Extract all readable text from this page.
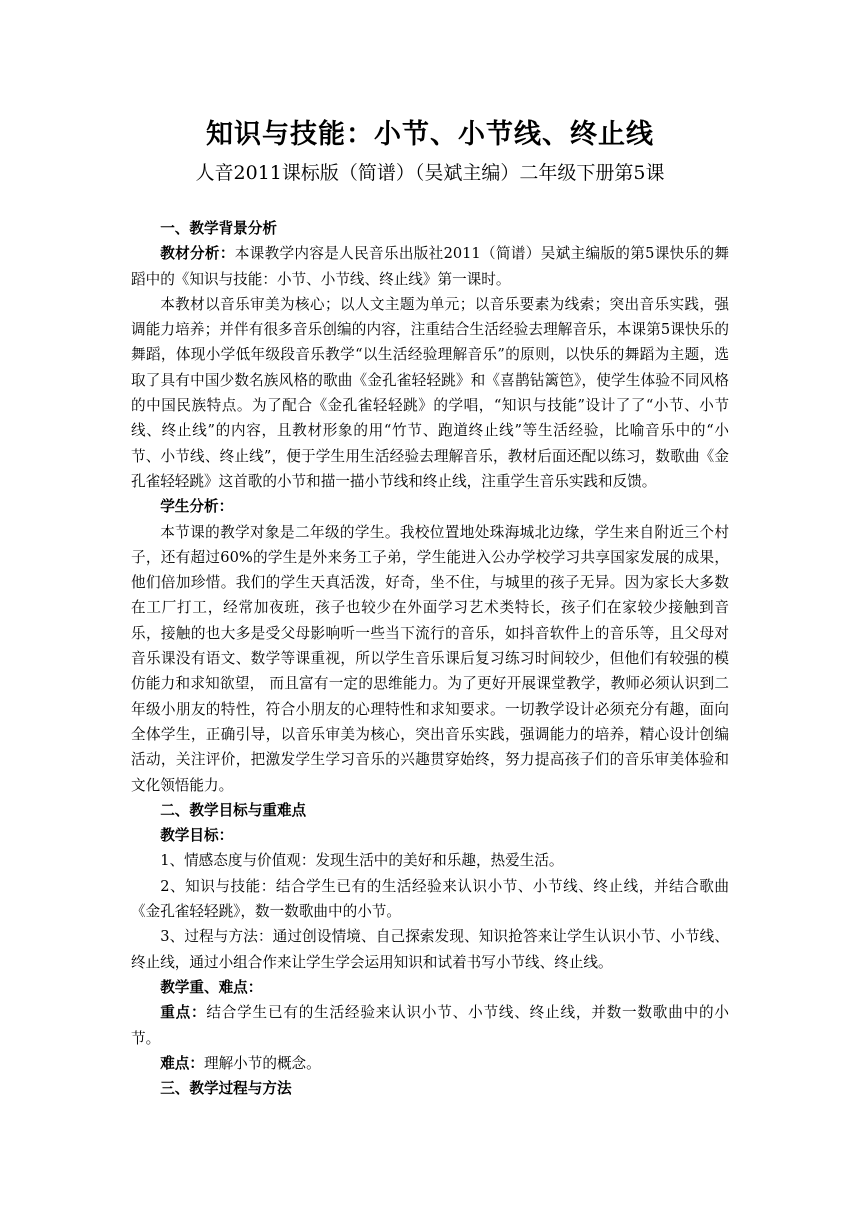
知识与技能：小节、小节线、终止线
人音2011课标版（简谱）（吴斌主编）二年级下册第5课

一、教学背景分析

教材分析：本课教学内容是人民音乐出版社2011（简谱）吴斌主编版的第5课快乐的舞蹈中的《知识与技能：小节、小节线、终止线》第一课时。

本教材以音乐审美为核心；以人文主题为单元；以音乐要素为线索；突出音乐实践，强调能力培养；并伴有很多音乐创编的内容，注重结合生活经验去理解音乐，本课第5课快乐的舞蹈，体现小学低年级段音乐教学“以生活经验理解音乐”的原则，以快乐的舞蹈为主题，选取了具有中国少数名族风格的歌曲《金孔雀轻轻跳》和《喜鹊钻篱笆》，使学生体验不同风格的中国民族特点。为了配合《金孔雀轻轻跳》的学唱，“知识与技能”设计了了“小节、小节线、终止线”的内容，且教材形象的用“竹节、跑道终止线”等生活经验，比喻音乐中的“小节、小节线、终止线”，便于学生用生活经验去理解音乐，教材后面还配以练习，数歌曲《金孔雀轻轻跳》这首歌的小节和描一描小节线和终止线，注重学生音乐实践和反馈。

学生分析：

本节课的教学对象是二年级的学生。我校位置地处珠海城北边缘，学生来自附近三个村子，还有超过60%的学生是外来务工子弟，学生能进入公办学校学习共享国家发展的成果，他们倍加珍惜。我们的学生天真活泼，好奇，坐不住，与城里的孩子无异。因为家长大多数在工厂打工，经常加夜班，孩子也较少在外面学习艺术类特长，孩子们在家较少接触到音乐，接触的也大多是受父母影响听一些当下流行的音乐，如抖音软件上的音乐等，且父母对音乐课没有语文、数学等课重视，所以学生音乐课后复习练习时间较少，但他们有较强的模仿能力和求知欲望， 而且富有一定的思维能力。为了更好开展课堂教学，教师必须认识到二年级小朋友的特性，符合小朋友的心理特性和求知要求。一切教学设计必须充分有趣，面向全体学生，正确引导，以音乐审美为核心，突出音乐实践，强调能力的培养，精心设计创编活动，关注评价，把激发学生学习音乐的兴趣贯穿始终，努力提高孩子们的音乐审美体验和文化领悟能力。

二、教学目标与重难点

教学目标：

1、情感态度与价值观：发现生活中的美好和乐趣，热爱生活。

2、知识与技能：结合学生已有的生活经验来认识小节、小节线、终止线，并结合歌曲《金孔雀轻轻跳》，数一数歌曲中的小节。

3、过程与方法：通过创设情境、自己探索发现、知识抢答来让学生认识小节、小节线、终止线，通过小组合作来让学生学会运用知识和试着书写小节线、终止线。

教学重、难点：

重点：结合学生已有的生活经验来认识小节、小节线、终止线，并数一数歌曲中的小节。

难点：理解小节的概念。

三、教学过程与方法
